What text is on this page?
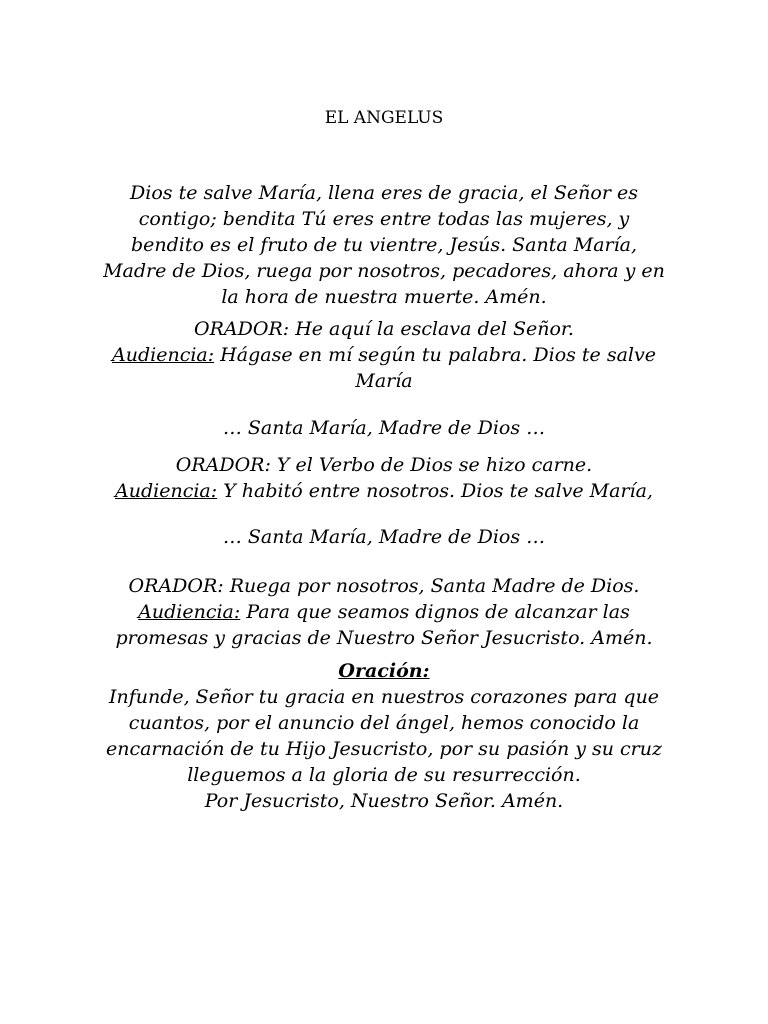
EL ANGELUS
Dios te salve María, llena eres de gracia, el Señor es
contigo; bendita Tú eres entre todas las mujeres, y
bendito es el fruto de tu vientre, Jesús. Santa María,
Madre de Dios, ruega por nosotros, pecadores, ahora y en
la hora de nuestra muerte. Amén.
ORADOR: He aquí la esclava del Señor.
Audiencia: Hágase en mí según tu palabra. Dios te salve
María
… Santa María, Madre de Dios …
ORADOR: Y el Verbo de Dios se hizo carne.
Audiencia: Y habitó entre nosotros. Dios te salve María,
… Santa María, Madre de Dios …
ORADOR: Ruega por nosotros, Santa Madre de Dios.
Audiencia: Para que seamos dignos de alcanzar las
promesas y gracias de Nuestro Señor Jesucristo. Amén.
Oración:
Infunde, Señor tu gracia en nuestros corazones para que
cuantos, por el anuncio del ángel, hemos conocido la
encarnación de tu Hijo Jesucristo, por su pasión y su cruz
lleguemos a la gloria de su resurrección.
Por Jesucristo, Nuestro Señor. Amén.
